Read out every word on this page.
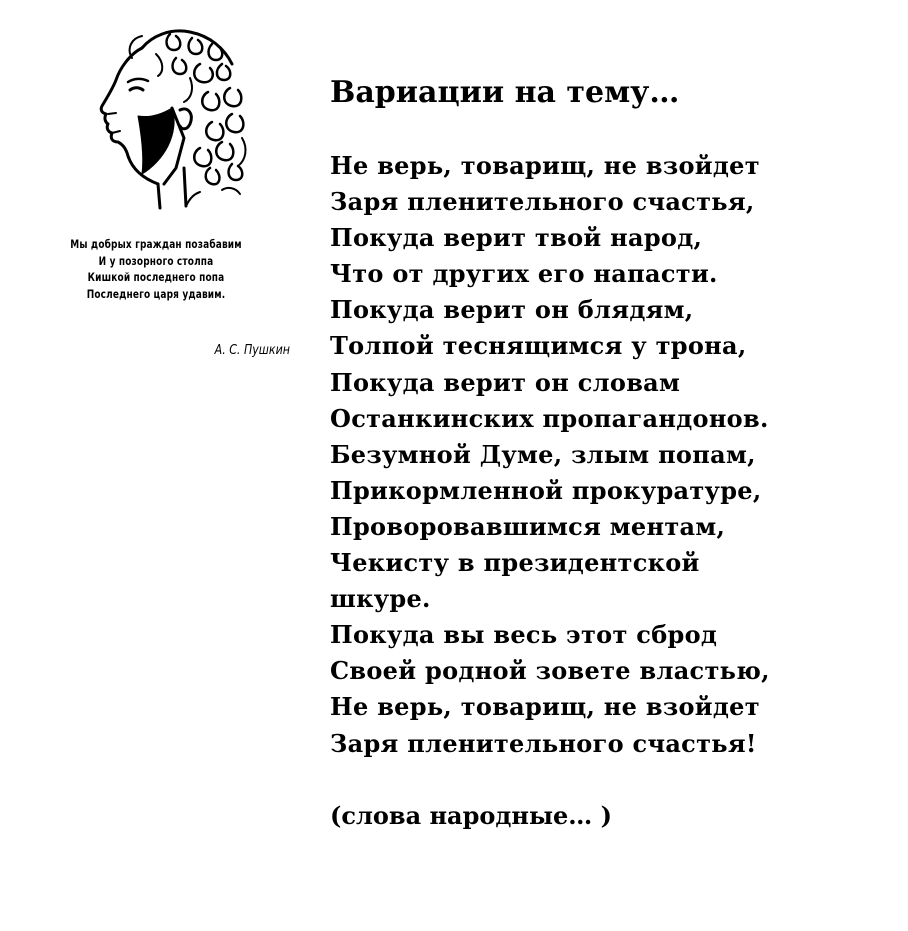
Мы добрых граждан позабавим
И у позорного столпа
Кишкой последнего попа
Последнего царя удавим.
А. С. Пушкин
Вариации на тему…
Не верь, товарищ, не взойдет
Заря пленительного счастья,
Покуда верит твой народ,
Что от других его напасти.
Покуда верит он блядям,
Толпой теснящимся у трона,
Покуда верит он словам
Останкинских пропагандонов.
Безумной Думе, злым попам,
Прикормленной прокуратуре,
Проворовавшимся ментам,
Чекисту в президентской
шкуре.
Покуда вы весь этот сброд
Своей родной зовете властью,
Не верь, товарищ, не взойдет
Заря пленительного счастья!
(слова народные… )
